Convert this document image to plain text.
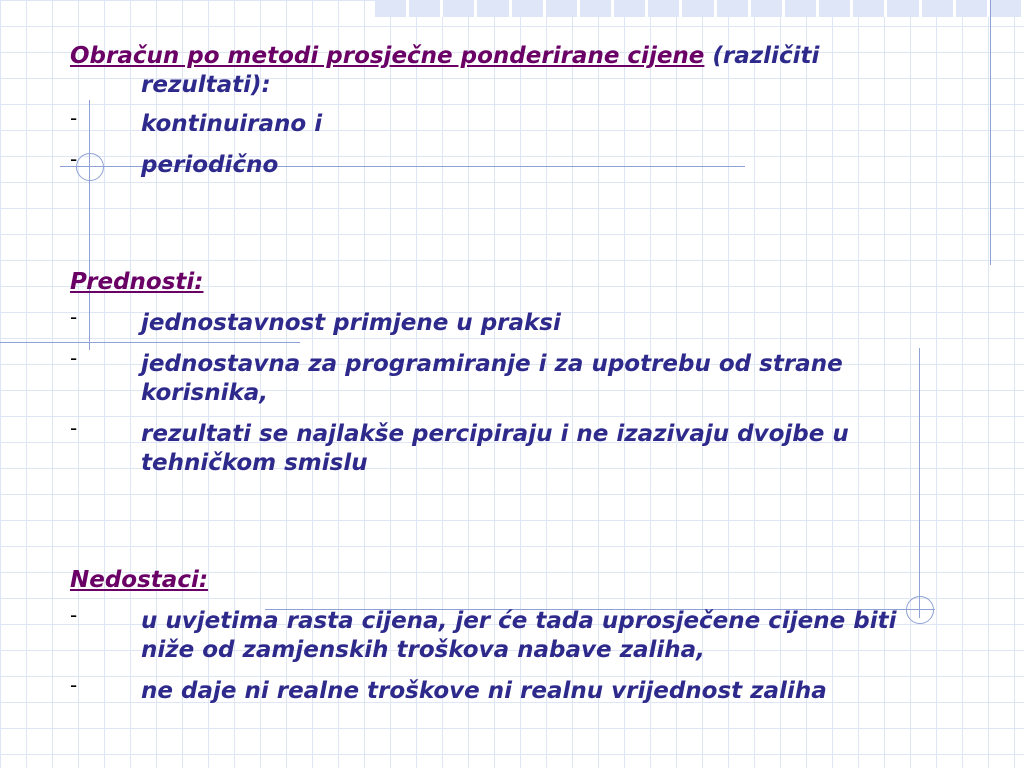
Obračun po metodi prosječne ponderirane cijene (različiti rezultati):
-	kontinuirano i
-	periodično
Prednosti:
-	jednostavnost primjene u praksi
-	jednostavna za programiranje i za upotrebu od strane korisnika,
-	rezultati se najlakše percipiraju i ne izazivaju dvojbe u tehničkom smislu
Nedostaci:
-	u uvjetima rasta cijena, jer će tada uprosječene cijene biti niže od zamjenskih troškova nabave zaliha,
-	ne daje ni realne troškove ni realnu vrijednost zaliha
